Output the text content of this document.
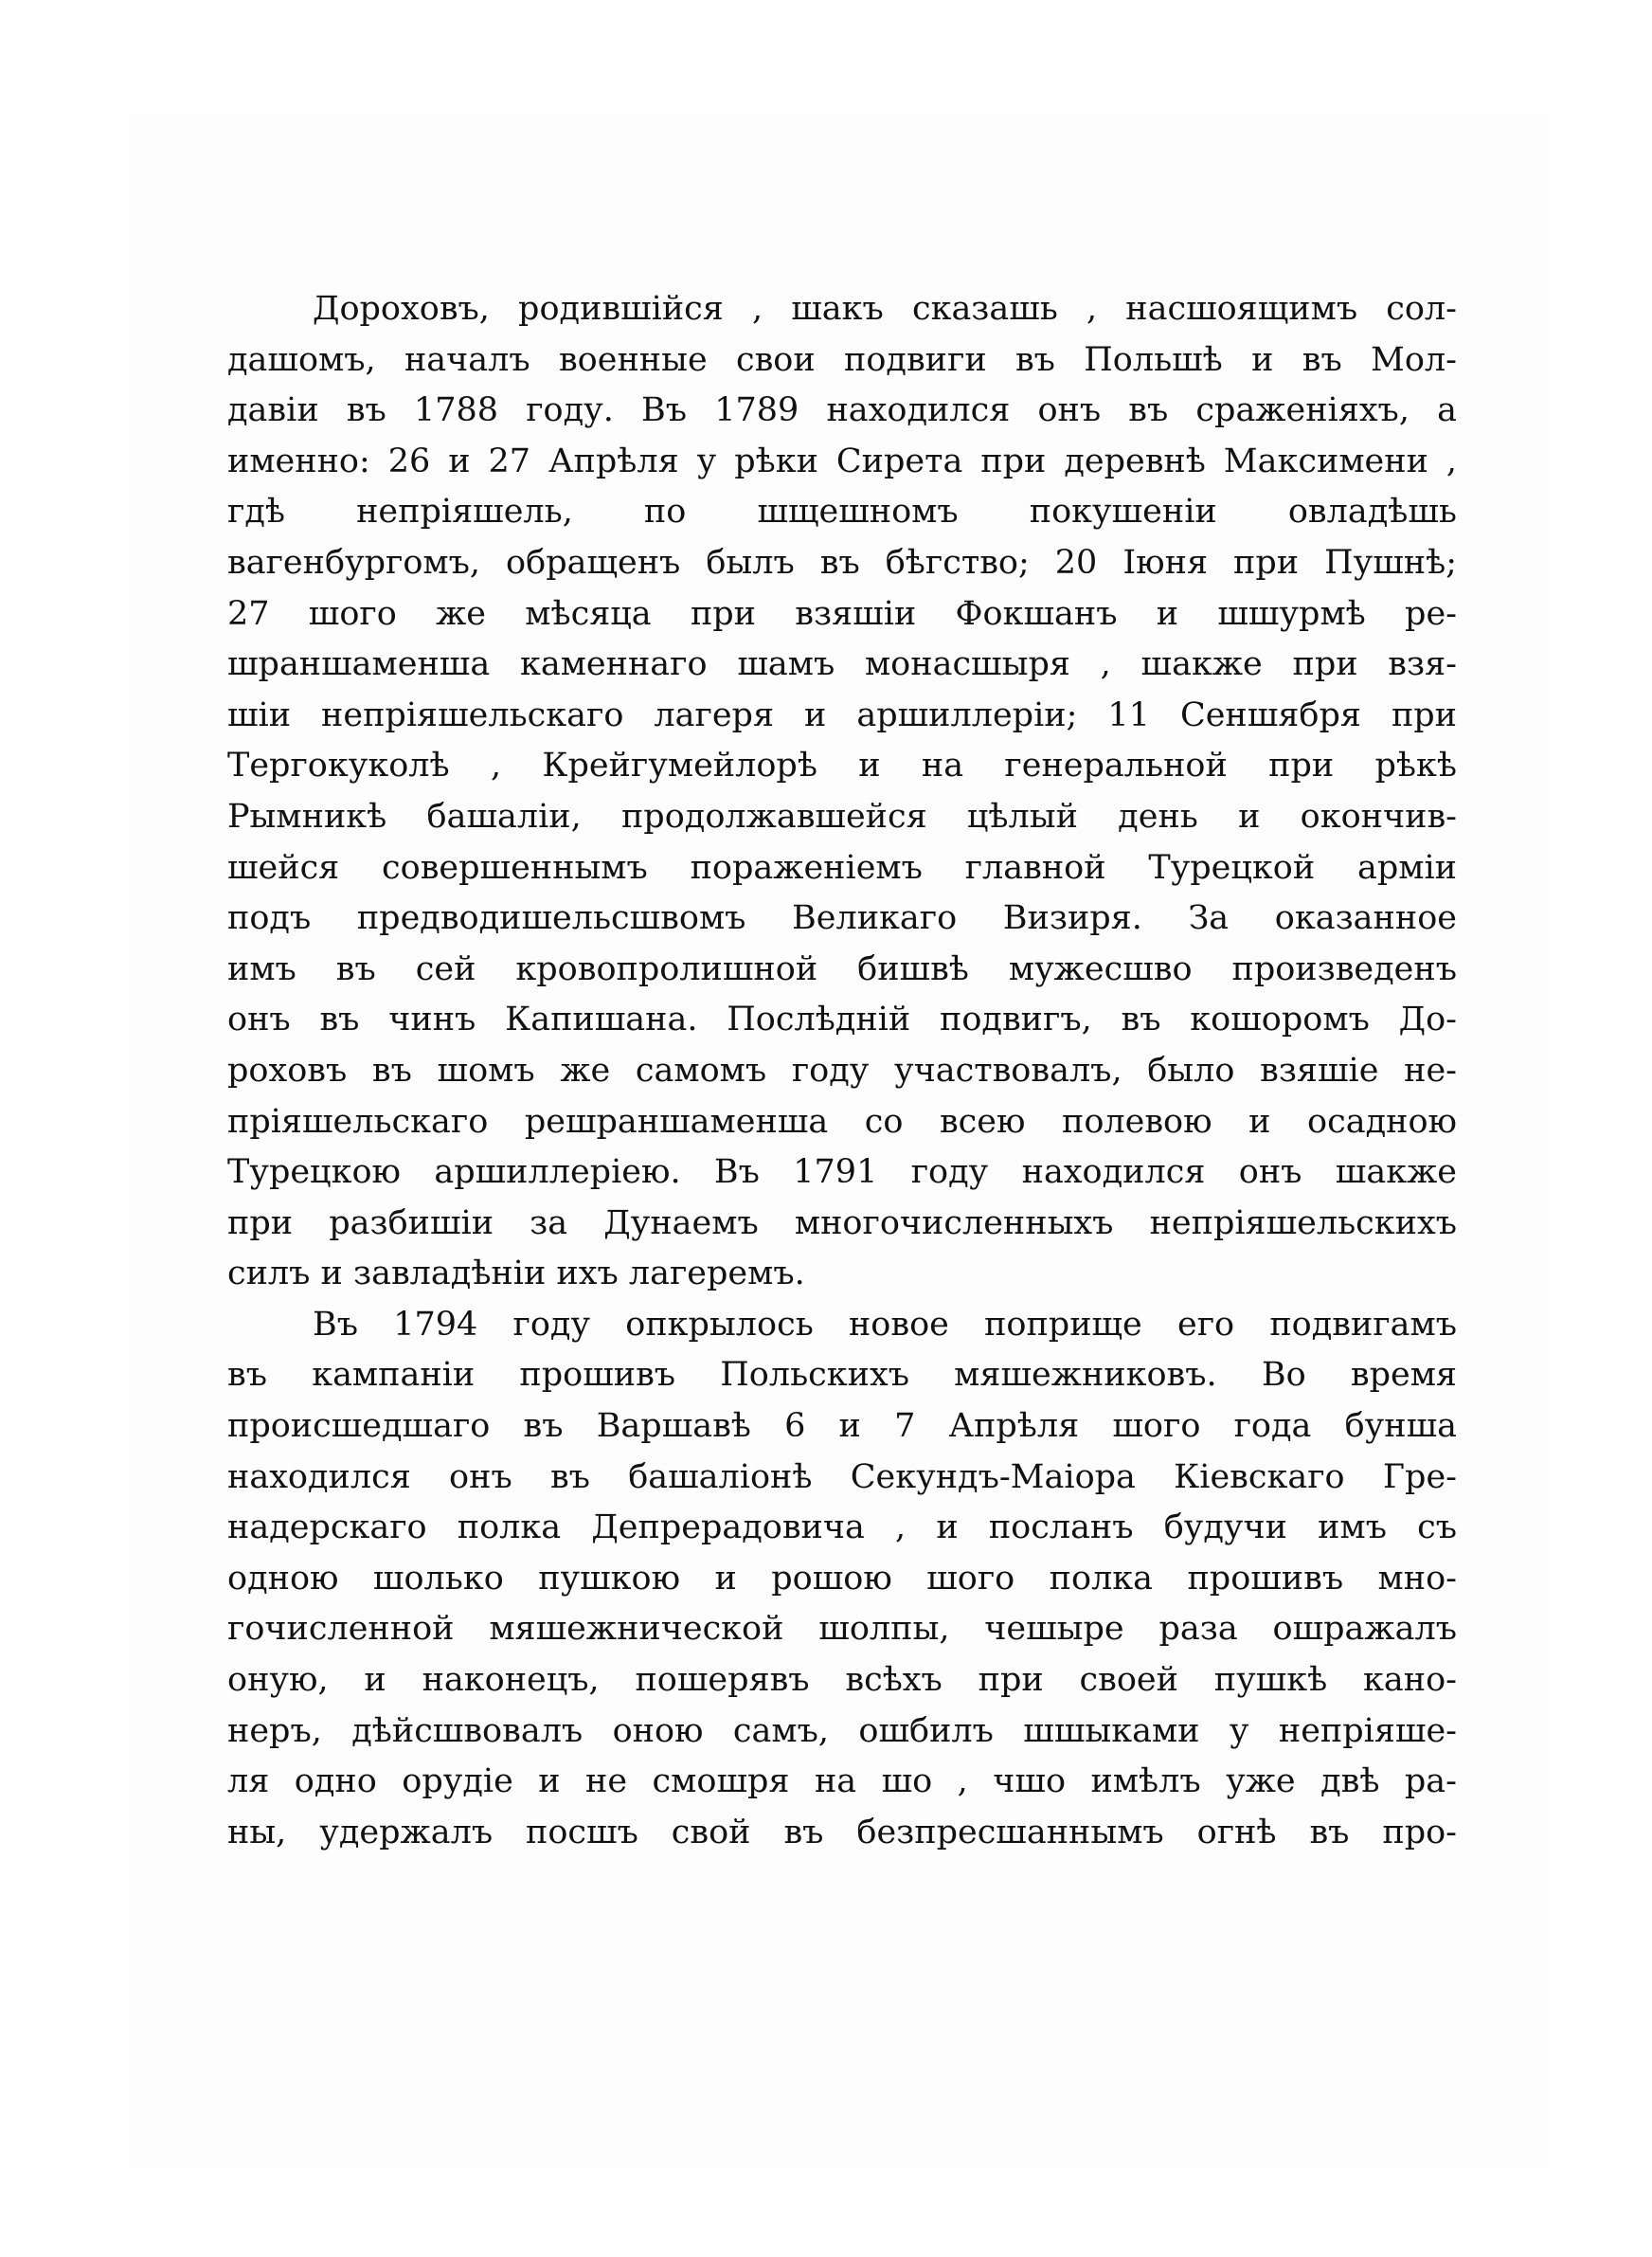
Дороховъ, родившійся , шакъ сказашь , насшоящимъ сол-
дашомъ, началъ военные свои подвиги въ Польшѣ и въ Мол-
давіи въ 1788 году. Въ 1789 находился онъ въ сраженіяхъ, а
именно: 26 и 27 Апрѣля у рѣки Сирета при деревнѣ Максимени ,
гдѣ непріяшель, по шщешномъ покушеніи овладѣшь
вагенбургомъ, обращенъ былъ въ бѣгство; 20 Іюня при Пушнѣ;
27 шого же мѣсяца при взяшіи Фокшанъ и шшурмѣ ре-
шраншаменша каменнаго шамъ монасшыря , шакже при взя-
шіи непріяшельскаго лагеря и аршиллеріи; 11 Сеншября при
Тергокуколѣ , Крейгумейлорѣ и на генеральной при рѣкѣ
Рымникѣ башаліи, продолжавшейся цѣлый день и окончив-
шейся совершеннымъ пораженіемъ главной Турецкой арміи
подъ предводишельсшвомъ Великаго Визиря. За оказанное
имъ въ сей кровопролишной бишвѣ мужесшво произведенъ
онъ въ чинъ Капишана. Послѣдній подвигъ, въ кошоромъ До-
роховъ въ шомъ же самомъ году участвовалъ, было взяшіе не-
пріяшельскаго решраншаменша со всею полевою и осадною
Турецкою аршиллеріею. Въ 1791 году находился онъ шакже
при разбишіи за Дунаемъ многочисленныхъ непріяшельскихъ
силъ и завладѣніи ихъ лагеремъ.
Въ 1794 году опкрылось новое поприще его подвигамъ
въ кампаніи прошивъ Польскихъ мяшежниковъ. Во время
происшедшаго въ Варшавѣ 6 и 7 Апрѣля шого года бунша
находился онъ въ башаліонѣ Секундъ-Маіора Кіевскаго Гре-
надерскаго полка Депрерадовича , и посланъ будучи имъ съ
одною шолько пушкою и рошою шого полка прошивъ мно-
гочисленной мяшежнической шолпы, чешыре раза ошражалъ
оную, и наконецъ, пошерявъ всѣхъ при своей пушкѣ кано-
неръ, дѣйсшвовалъ оною самъ, ошбилъ шшыками у непріяше-
ля одно орудіе и не смошря на шо , чшо имѣлъ уже двѣ ра-
ны, удержалъ посшъ свой въ безпресшаннымъ огнѣ въ про-
